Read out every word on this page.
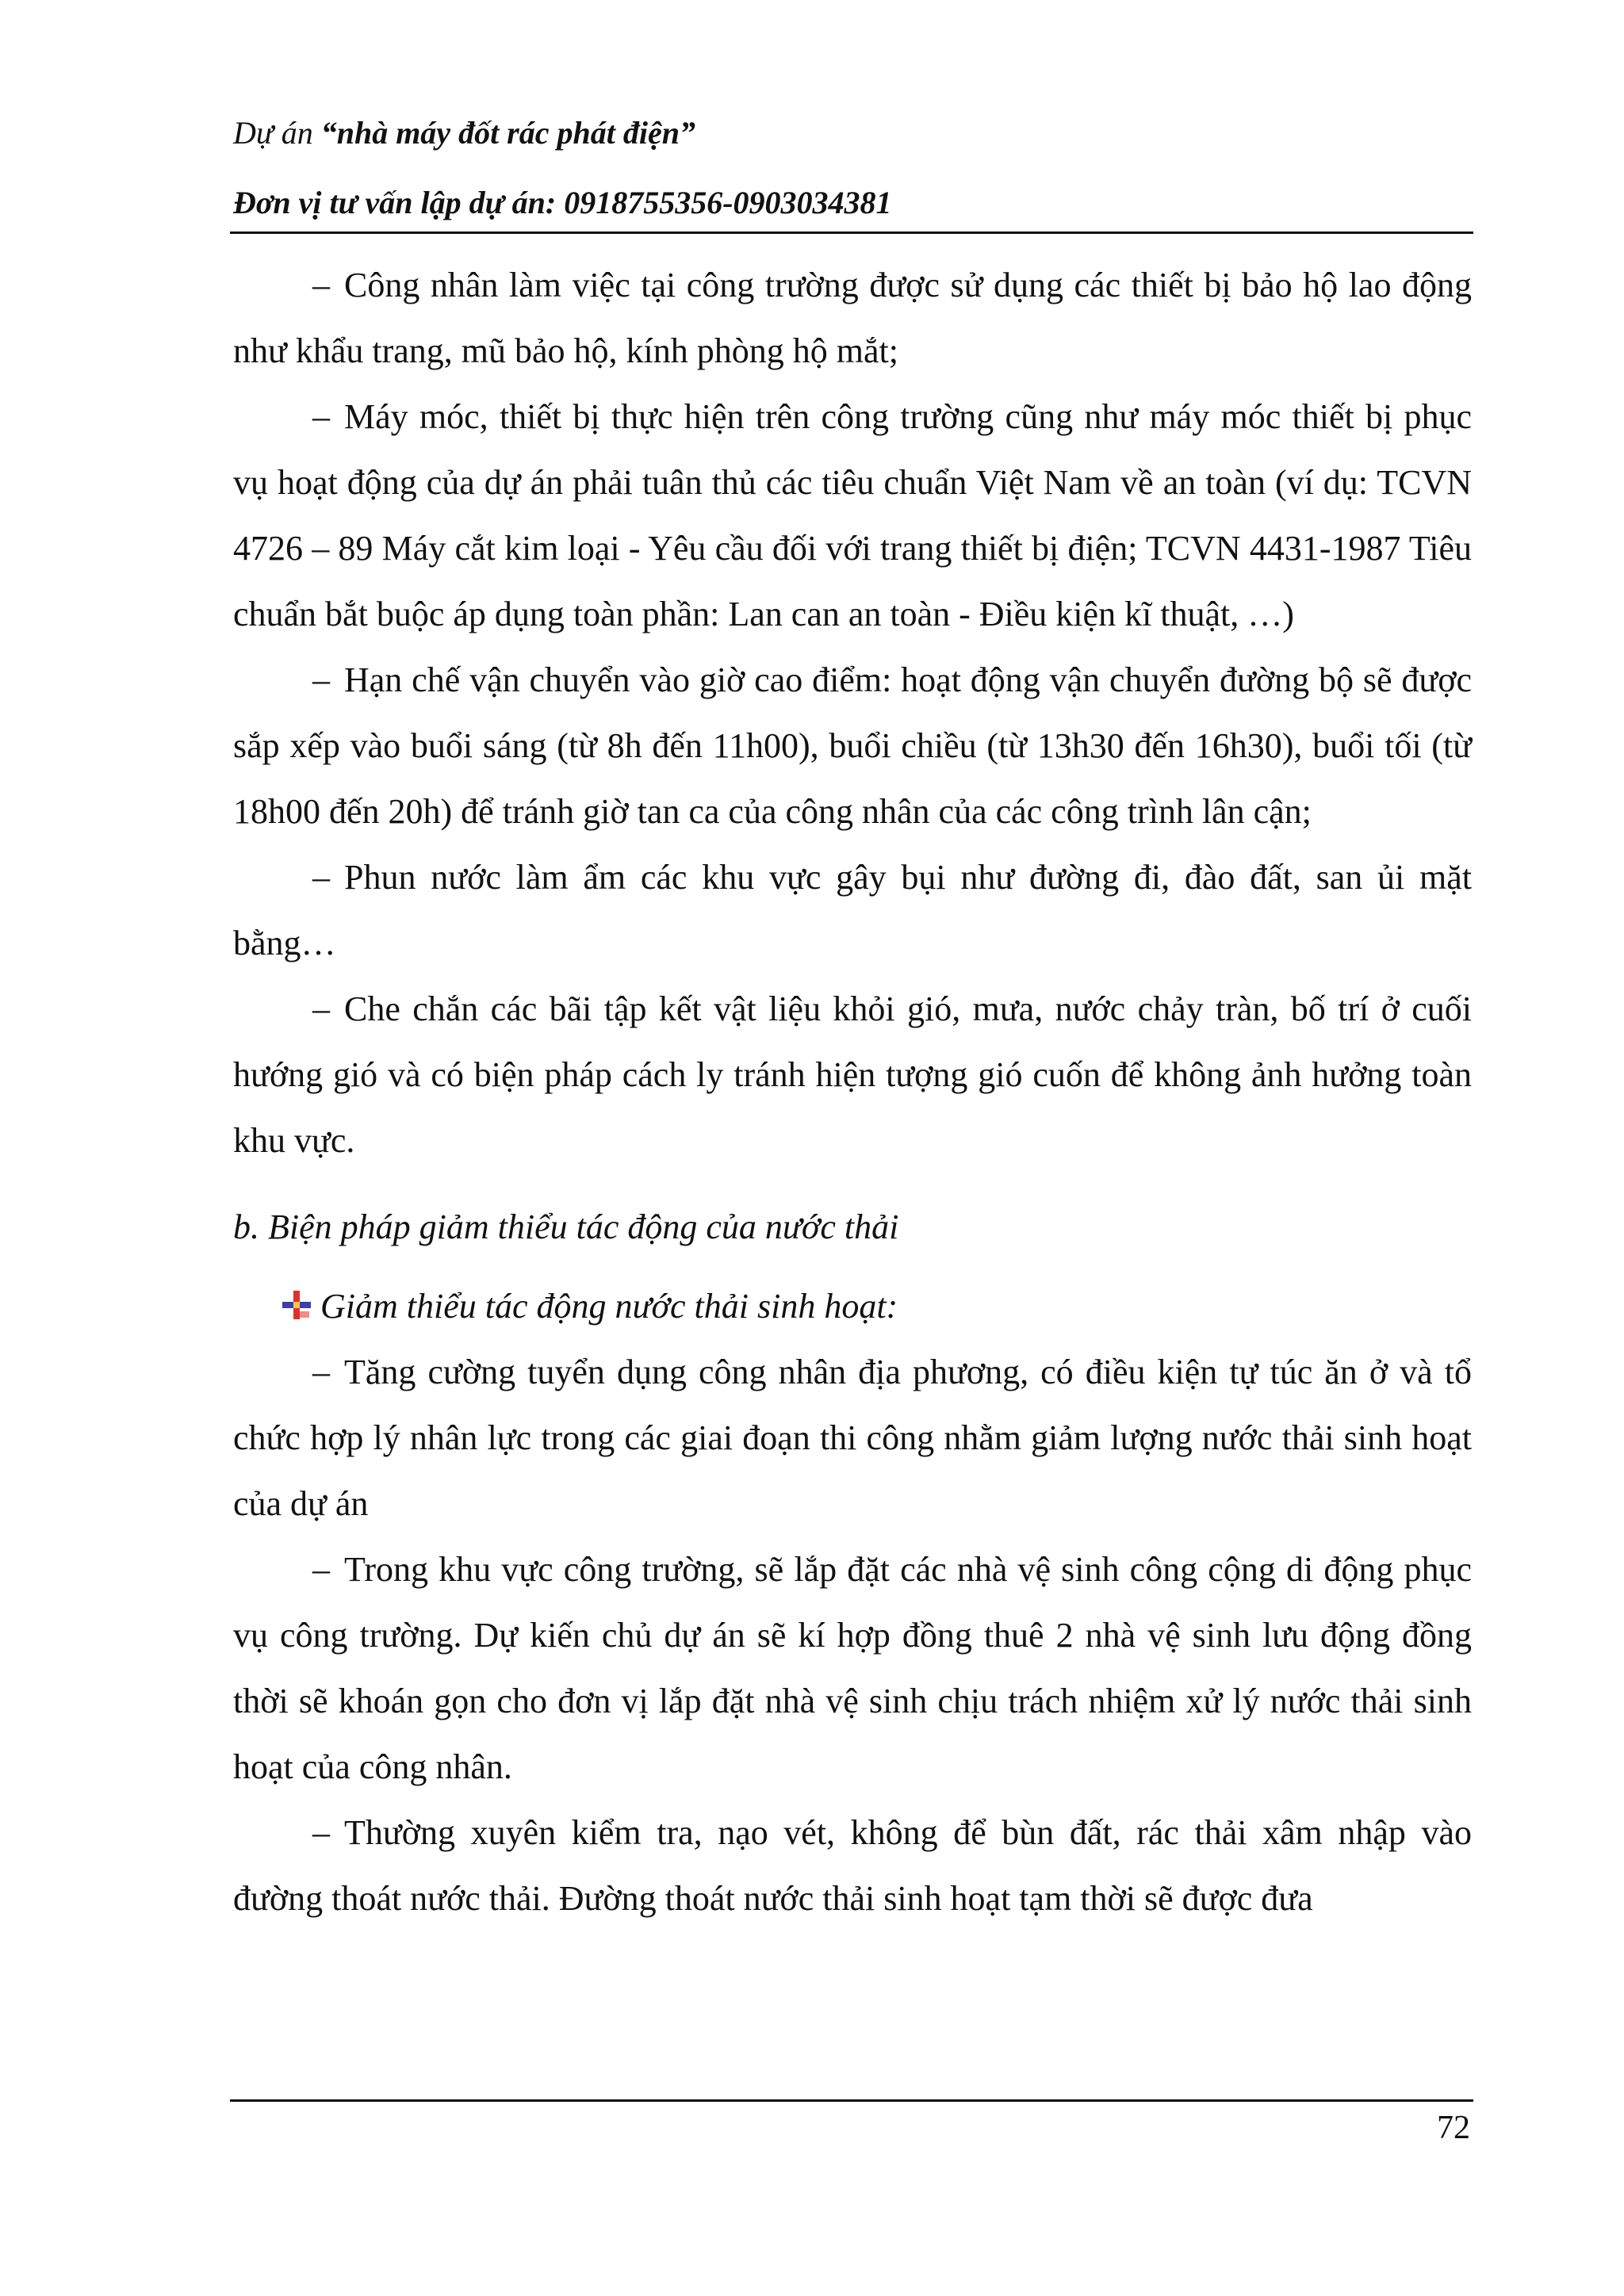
Dự án “nhà máy đốt rác phát điện”
Đơn vị tư vấn lập dự án: 0918755356-0903034381

– Công nhân làm việc tại công trường được sử dụng các thiết bị bảo hộ lao động như khẩu trang, mũ bảo hộ, kính phòng hộ mắt;

– Máy móc, thiết bị thực hiện trên công trường cũng như máy móc thiết bị phục vụ hoạt động của dự án phải tuân thủ các tiêu chuẩn Việt Nam về an toàn (ví dụ: TCVN 4726 – 89 Máy cắt kim loại - Yêu cầu đối với trang thiết bị điện; TCVN 4431-1987 Tiêu chuẩn bắt buộc áp dụng toàn phần: Lan can an toàn - Điều kiện kĩ thuật, …)

– Hạn chế vận chuyển vào giờ cao điểm: hoạt động vận chuyển đường bộ sẽ được sắp xếp vào buổi sáng (từ 8h đến 11h00), buổi chiều (từ 13h30 đến 16h30), buổi tối (từ 18h00 đến 20h) để tránh giờ tan ca của công nhân của các công trình lân cận;

– Phun nước làm ẩm các khu vực gây bụi như đường đi, đào đất, san ủi mặt bằng…

– Che chắn các bãi tập kết vật liệu khỏi gió, mưa, nước chảy tràn, bố trí ở cuối hướng gió và có biện pháp cách ly tránh hiện tượng gió cuốn để không ảnh hưởng toàn khu vực.

b. Biện pháp giảm thiểu tác động của nước thải
Giảm thiểu tác động nước thải sinh hoạt:

– Tăng cường tuyển dụng công nhân địa phương, có điều kiện tự túc ăn ở và tổ chức hợp lý nhân lực trong các giai đoạn thi công nhằm giảm lượng nước thải sinh hoạt của dự án

– Trong khu vực công trường, sẽ lắp đặt các nhà vệ sinh công cộng di động phục vụ công trường. Dự kiến chủ dự án sẽ kí hợp đồng thuê 2 nhà vệ sinh lưu động đồng thời sẽ khoán gọn cho đơn vị lắp đặt nhà vệ sinh chịu trách nhiệm xử lý nước thải sinh hoạt của công nhân.

– Thường xuyên kiểm tra, nạo vét, không để bùn đất, rác thải xâm nhập vào đường thoát nước thải. Đường thoát nước thải sinh hoạt tạm thời sẽ được đưa

72
